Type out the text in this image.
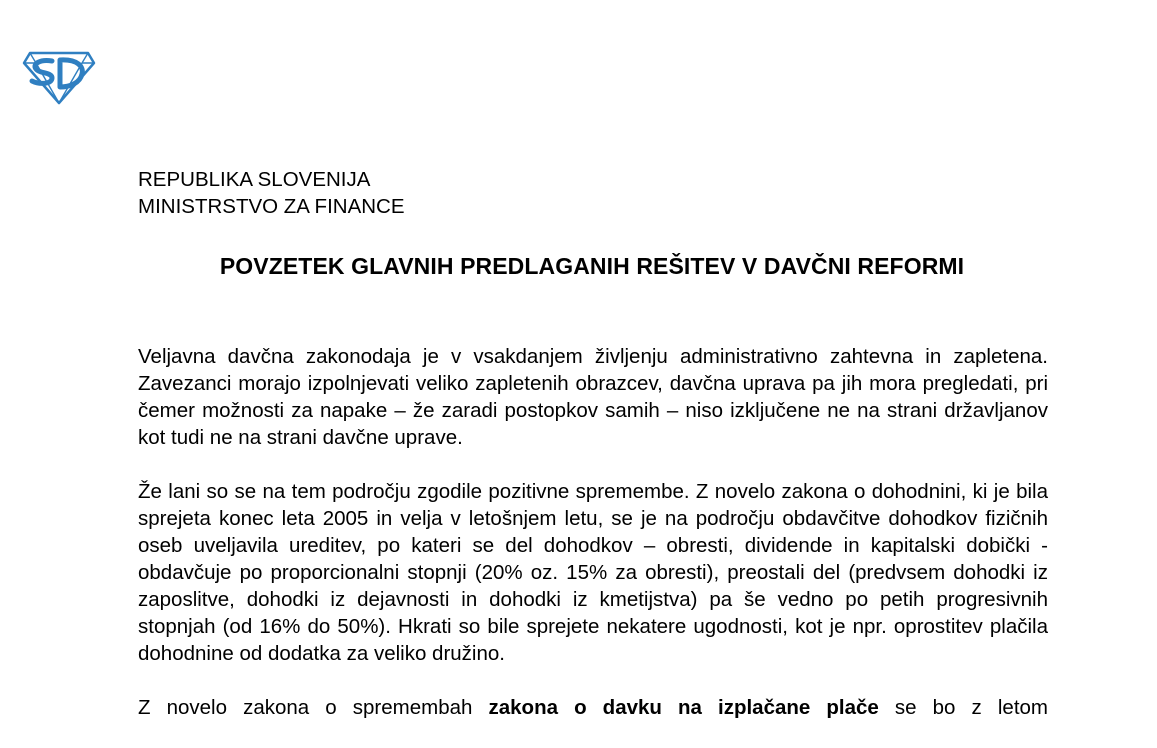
REPUBLIKA SLOVENIJA
MINISTRSTVO ZA FINANCE
POVZETEK GLAVNIH PREDLAGANIH REŠITEV V DAVČNI REFORMI

Veljavna davčna zakonodaja je v vsakdanjem življenju administrativno zahtevna in zapletena. Zavezanci morajo izpolnjevati veliko zapletenih obrazcev, davčna uprava pa jih mora pregledati, pri čemer možnosti za napake – že zaradi postopkov samih – niso izključene ne na strani državljanov kot tudi ne na strani davčne uprave.

Že lani so se na tem področju zgodile pozitivne spremembe. Z novelo zakona o dohodnini, ki je bila sprejeta konec leta 2005 in velja v letošnjem letu, se je na področju obdavčitve dohodkov fizičnih oseb uveljavila ureditev, po kateri se del dohodkov – obresti, dividende in kapitalski dobički - obdavčuje po proporcionalni stopnji (20% oz. 15% za obresti), preostali del (predvsem dohodki iz zaposlitve, dohodki iz dejavnosti in dohodki iz kmetijstva) pa še vedno po petih progresivnih stopnjah (od 16% do 50%). Hkrati so bile sprejete nekatere ugodnosti, kot je npr. oprostitev plačila dohodnine od dodatka za veliko družino.

Z novelo zakona o spremembah zakona o davku na izplačane plače se bo z letom
